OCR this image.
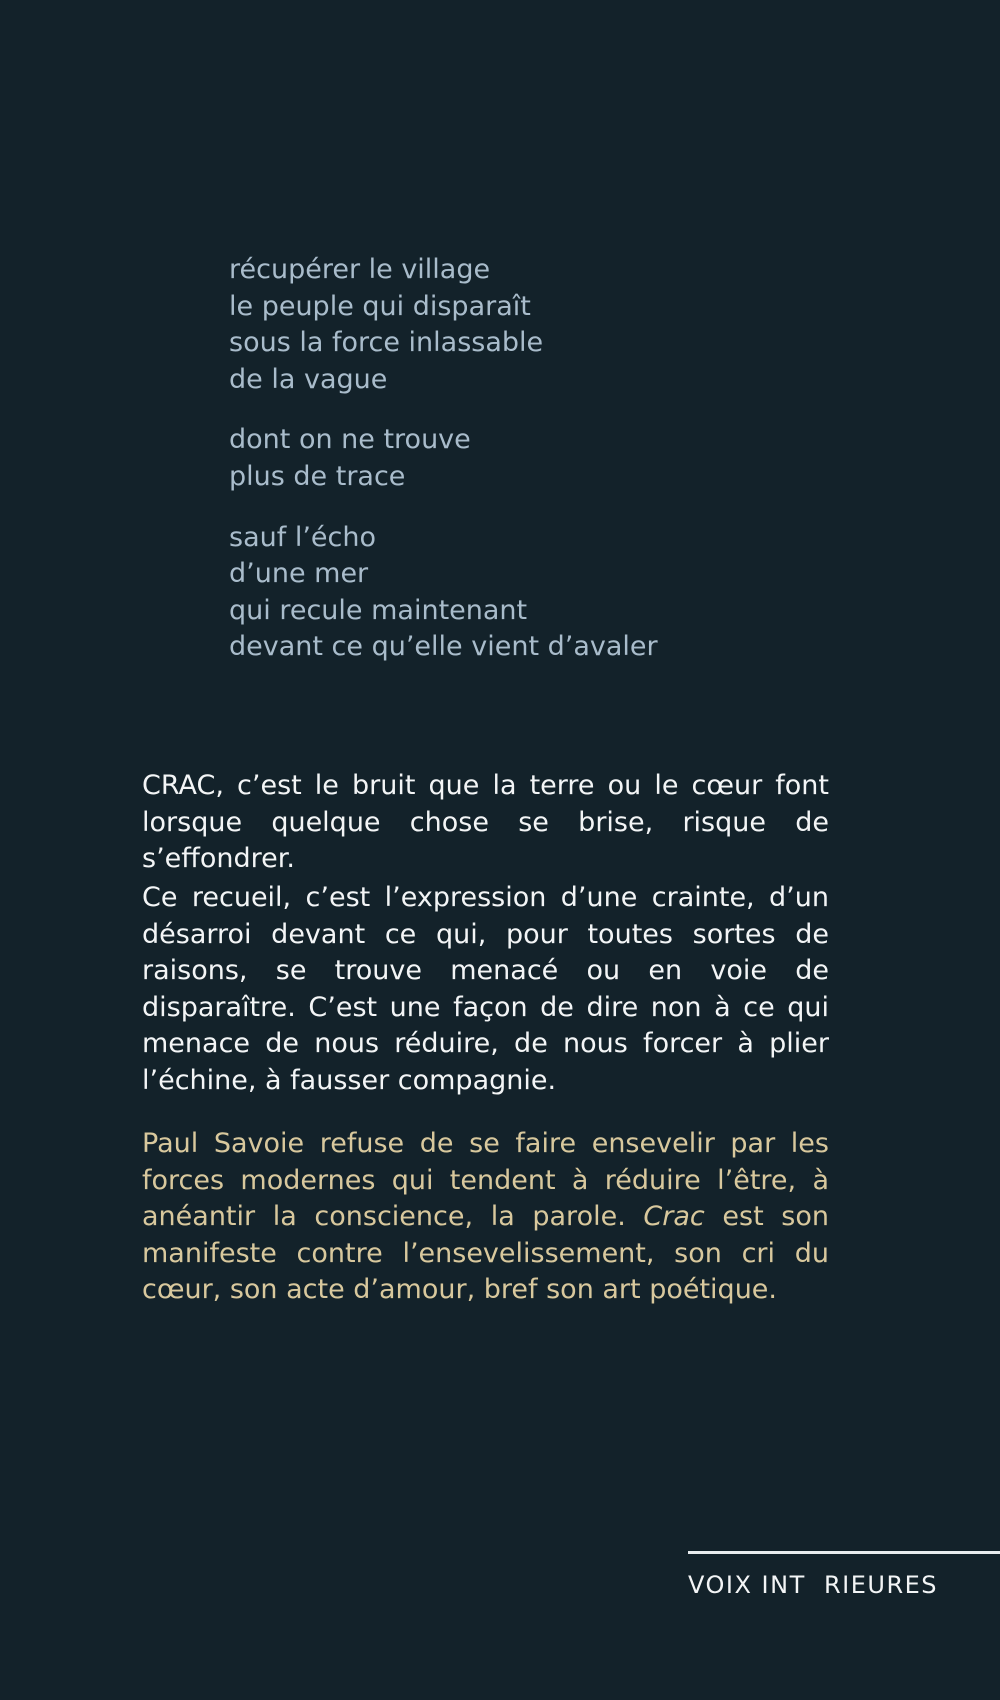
récupérer le village
le peuple qui disparaît
sous la force inlassable
de la vague
dont on ne trouve
plus de trace
sauf l’écho
d’une mer
qui recule maintenant
devant ce qu’elle vient d’avaler

CRAC, c’est le bruit que la terre ou le cœur font lorsque quelque chose se brise, risque de s’effondrer.

Ce recueil, c’est l’expression d’une crainte, d’un désarroi devant ce qui, pour toutes sortes de raisons, se trouve menacé ou en voie de disparaître. C’est une façon de dire non à ce qui menace de nous réduire, de nous forcer à plier l’échine, à fausser compagnie.

Paul Savoie refuse de se faire ensevelir par les forces modernes qui tendent à réduire l’être, à anéantir la conscience, la parole. Crac est son manifeste contre l’ensevelissement, son cri du cœur, son acte d’amour, bref son art poétique.

VOIX INT  RIEURES
